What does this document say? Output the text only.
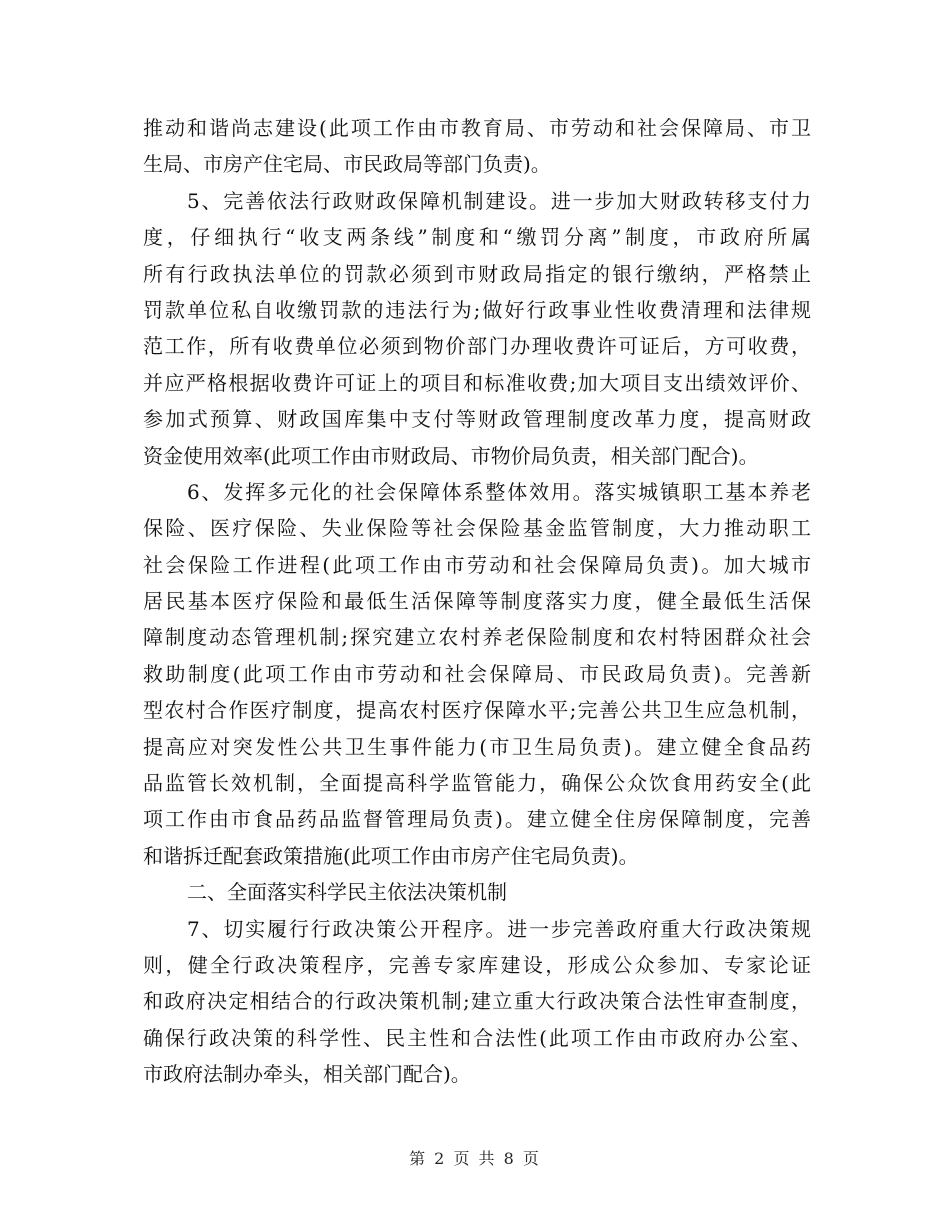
推动和谐尚志建设(此项工作由市教育局、市劳动和社会保障局、市卫
生局、市房产住宅局、市民政局等部门负责)。
5、完善依法行政财政保障机制建设。进一步加大财政转移支付力
度，仔细执行“收支两条线”制度和“缴罚分离”制度，市政府所属
所有行政执法单位的罚款必须到市财政局指定的银行缴纳，严格禁止
罚款单位私自收缴罚款的违法行为;做好行政事业性收费清理和法律规
范工作，所有收费单位必须到物价部门办理收费许可证后，方可收费，
并应严格根据收费许可证上的项目和标准收费;加大项目支出绩效评价、
参加式预算、财政国库集中支付等财政管理制度改革力度，提高财政
资金使用效率(此项工作由市财政局、市物价局负责，相关部门配合)。
6、发挥多元化的社会保障体系整体效用。落实城镇职工基本养老
保险、医疗保险、失业保险等社会保险基金监管制度，大力推动职工
社会保险工作进程(此项工作由市劳动和社会保障局负责)。加大城市
居民基本医疗保险和最低生活保障等制度落实力度，健全最低生活保
障制度动态管理机制;探究建立农村养老保险制度和农村特困群众社会
救助制度(此项工作由市劳动和社会保障局、市民政局负责)。完善新
型农村合作医疗制度，提高农村医疗保障水平;完善公共卫生应急机制，
提高应对突发性公共卫生事件能力(市卫生局负责)。建立健全食品药
品监管长效机制，全面提高科学监管能力，确保公众饮食用药安全(此
项工作由市食品药品监督管理局负责)。建立健全住房保障制度，完善
和谐拆迁配套政策措施(此项工作由市房产住宅局负责)。
二、全面落实科学民主依法决策机制
7、切实履行行政决策公开程序。进一步完善政府重大行政决策规
则，健全行政决策程序，完善专家库建设，形成公众参加、专家论证
和政府决定相结合的行政决策机制;建立重大行政决策合法性审查制度，
确保行政决策的科学性、民主性和合法性(此项工作由市政府办公室、
市政府法制办牵头，相关部门配合)。
第 2 页 共 8 页
